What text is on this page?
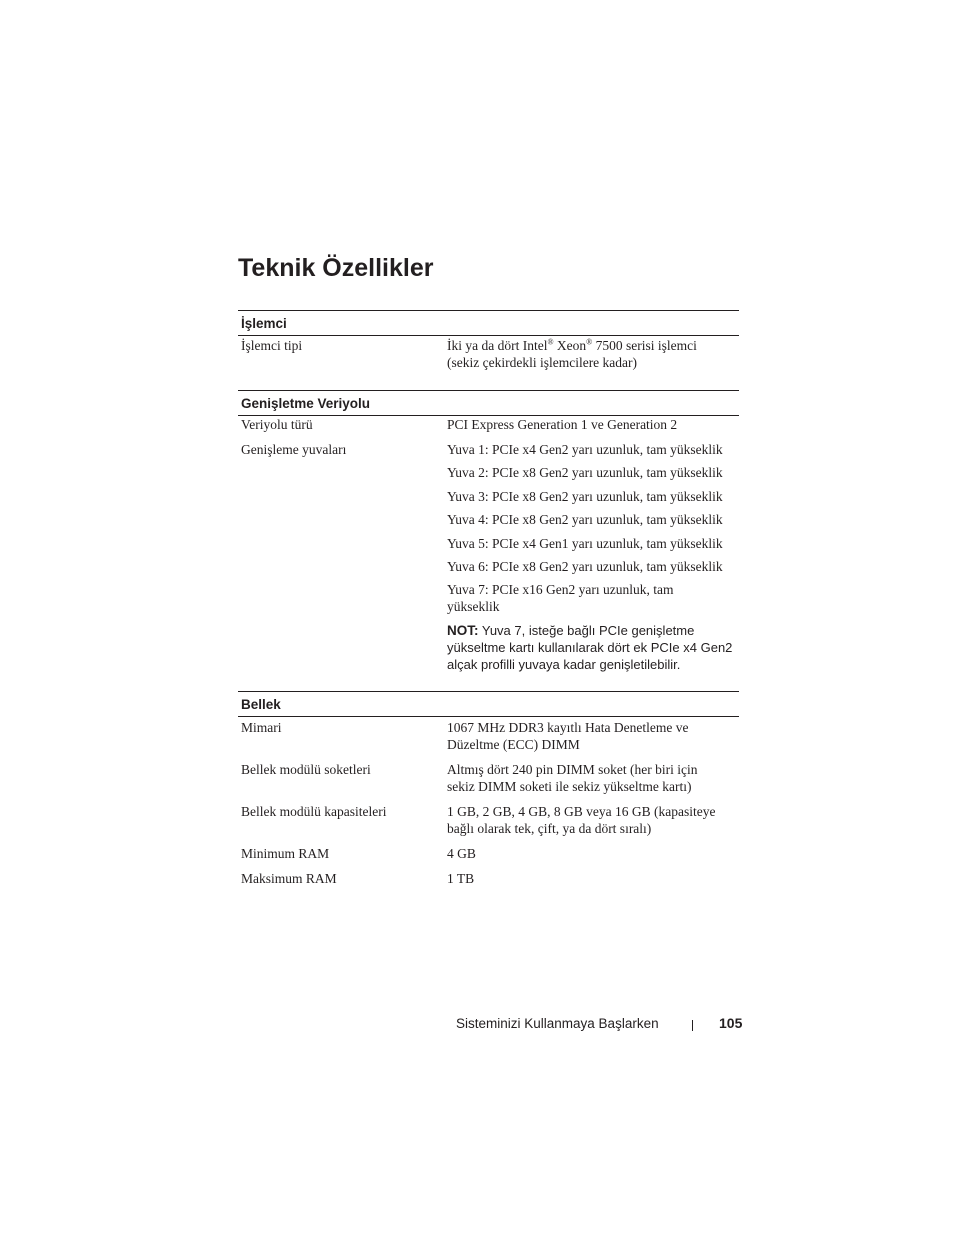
Teknik Özellikler
İşlemci
İşlemci tipi	İki ya da dört Intel® Xeon® 7500 serisi işlemci
(sekiz çekirdekli işlemcilere kadar)
Genişletme Veriyolu
Veriyolu türü	PCI Express Generation 1 ve Generation 2
Genişleme yuvaları	Yuva 1: PCIe x4 Gen2 yarı uzunluk, tam yükseklik
Yuva 2: PCIe x8 Gen2 yarı uzunluk, tam yükseklik
Yuva 3: PCIe x8 Gen2 yarı uzunluk, tam yükseklik
Yuva 4: PCIe x8 Gen2 yarı uzunluk, tam yükseklik
Yuva 5: PCIe x4 Gen1 yarı uzunluk, tam yükseklik
Yuva 6: PCIe x8 Gen2 yarı uzunluk, tam yükseklik
Yuva 7: PCIe x16 Gen2 yarı uzunluk, tam yükseklik
NOT: Yuva 7, isteğe bağlı PCIe genişletme yükseltme kartı kullanılarak dört ek PCIe x4 Gen2 alçak profilli yuvaya kadar genişletilebilir.
Bellek
Mimari	1067 MHz DDR3 kayıtlı Hata Denetleme ve Düzeltme (ECC) DIMM
Bellek modülü soketleri	Altmış dört 240 pin DIMM soket (her biri için sekiz DIMM soketi ile sekiz yükseltme kartı)
Bellek modülü kapasiteleri	1 GB, 2 GB, 4 GB, 8 GB veya 16 GB (kapasiteye bağlı olarak tek, çift, ya da dört sıralı)
Minimum RAM	4 GB
Maksimum RAM	1 TB
Sisteminizi Kullanmaya Başlarken	105
